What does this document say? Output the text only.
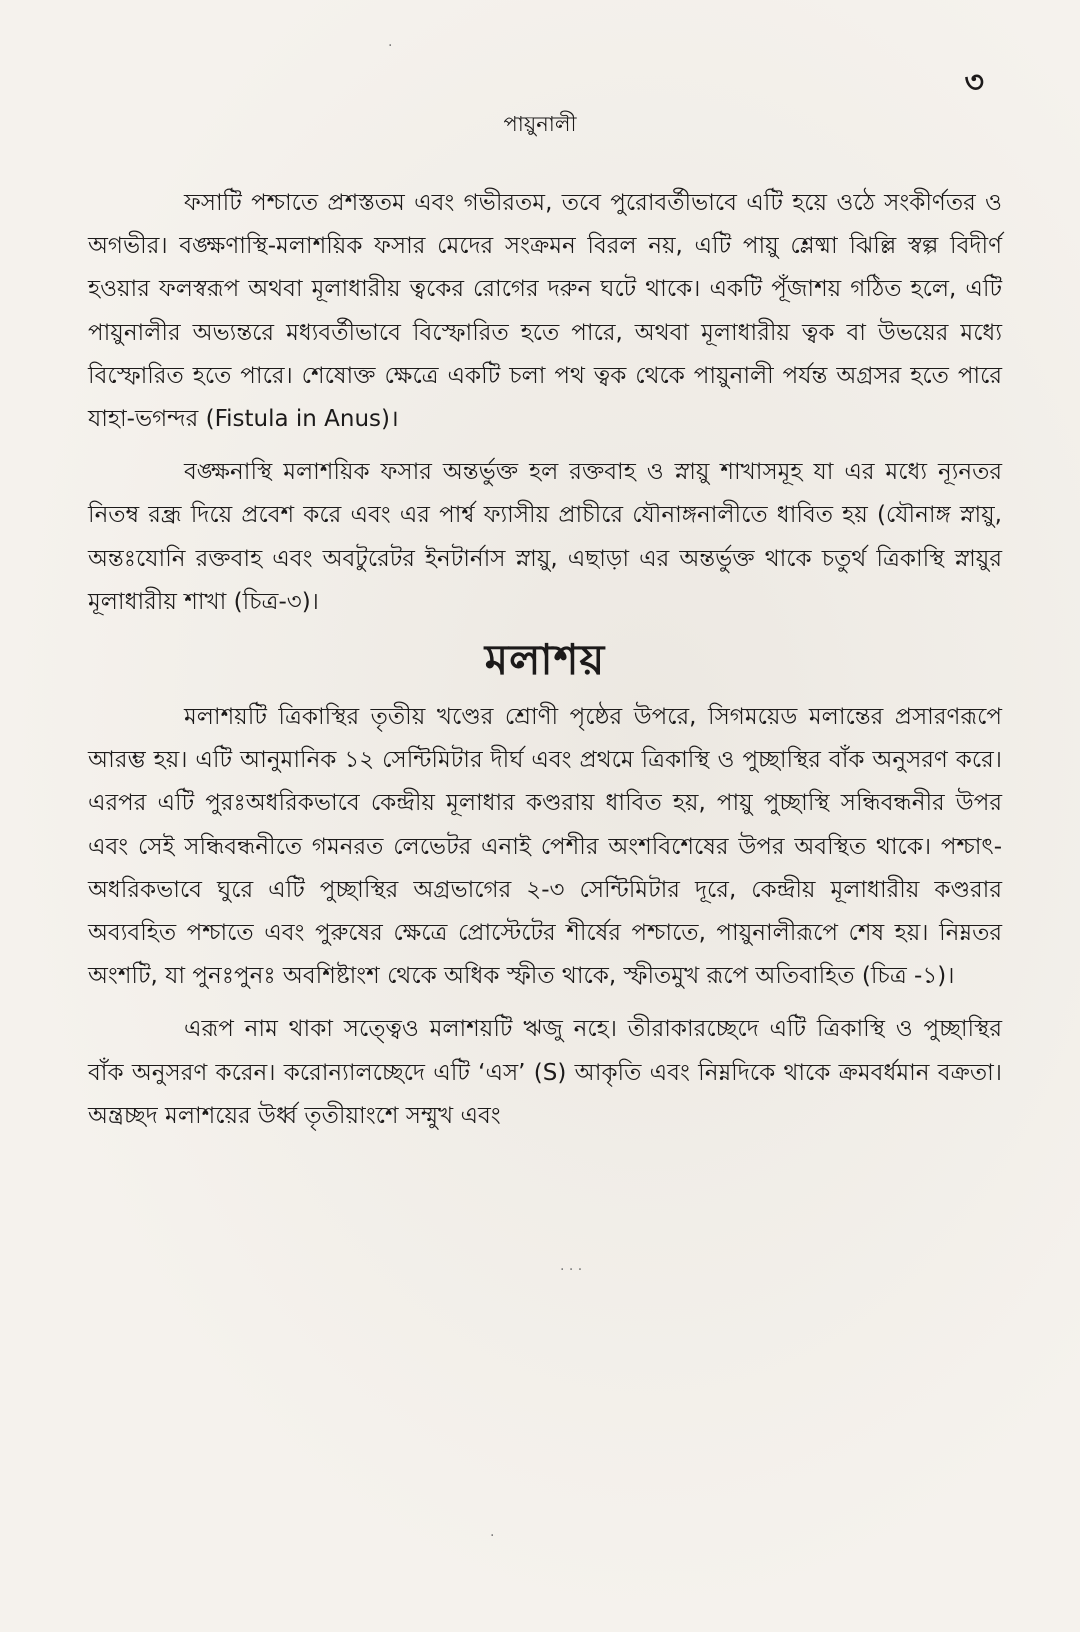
৩
পায়ুনালী

ফসাটি পশ্চাতে প্রশস্ততম এবং গভীরতম, তবে পুরোবর্তীভাবে এটি হয়ে ওঠে সংকীর্ণতর ও অগভীর। বঙ্ক্ষণাস্থি-মলাশয়িক ফসার মেদের সংক্রমন বিরল নয়, এটি পায়ু শ্লেষ্মা ঝিল্লি স্বল্প বিদীর্ণ হওয়ার ফলস্বরূপ অথবা মূলাধারীয় ত্বকের রোগের দরুন ঘটে থাকে। একটি পূঁজাশয় গঠিত হলে, এটি পায়ুনালীর অভ্যন্তরে মধ্যবর্তীভাবে বিস্ফোরিত হতে পারে, অথবা মূলাধারীয় ত্বক বা উভয়ের মধ্যে বিস্ফোরিত হতে পারে। শেষোক্ত ক্ষেত্রে একটি চলা পথ ত্বক থেকে পায়ুনালী পর্যন্ত অগ্রসর হতে পারে যাহা-ভগন্দর (Fistula in Anus)।

বঙ্ক্ষনাস্থি মলাশয়িক ফসার অন্তর্ভুক্ত হল রক্তবাহ ও স্নায়ু শাখাসমূহ যা এর মধ্যে ন্যূনতর নিতম্ব রন্ধ্র দিয়ে প্রবেশ করে এবং এর পার্শ্ব ফ্যাসীয় প্রাচীরে যৌনাঙ্গনালীতে ধাবিত হয় (যৌনাঙ্গ স্নায়ু, অন্তঃযোনি রক্তবাহ এবং অবটুরেটর ইনটার্নাস স্নায়ু, এছাড়া এর অন্তর্ভুক্ত থাকে চতুর্থ ত্রিকাস্থি স্নায়ুর মূলাধারীয় শাখা (চিত্র-৩)।

মলাশয়

মলাশয়টি ত্রিকাস্থির তৃতীয় খণ্ডের শ্রোণী পৃষ্ঠের উপরে, সিগময়েড মলান্তের প্রসারণরূপে আরম্ভ হয়। এটি আনুমানিক ১২ সেন্টিমিটার দীর্ঘ এবং প্রথমে ত্রিকাস্থি ও পুচ্ছাস্থির বাঁক অনুসরণ করে। এরপর এটি পুরঃঅধরিকভাবে কেন্দ্রীয় মূলাধার কণ্ডরায় ধাবিত হয়, পায়ু পুচ্ছাস্থি সন্ধিবন্ধনীর উপর এবং সেই সন্ধিবন্ধনীতে গমনরত লেভেটর এনাই পেশীর অংশবিশেষের উপর অবস্থিত থাকে। পশ্চাৎ-অধরিকভাবে ঘুরে এটি পুচ্ছাস্থির অগ্রভাগের ২-৩ সেন্টিমিটার দূরে, কেন্দ্রীয় মূলাধারীয় কণ্ডরার অব্যবহিত পশ্চাতে এবং পুরুষের ক্ষেত্রে প্রোস্টেটের শীর্ষের পশ্চাতে, পায়ুনালীরূপে শেষ হয়। নিম্নতর অংশটি, যা পুনঃপুনঃ অবশিষ্টাংশ থেকে অধিক স্ফীত থাকে, স্ফীতমুখ রূপে অতিবাহিত (চিত্র -১)।

এরূপ নাম থাকা সত্ত্বেও মলাশয়টি ঋজু নহে। তীরাকারচ্ছেদে এটি ত্রিকাস্থি ও পুচ্ছাস্থির বাঁক অনুসরণ করেন। করোন্যালচ্ছেদে এটি ‘এস’ (S) আকৃতি এবং নিম্নদিকে থাকে ক্রমবর্ধমান বক্রতা। অন্ত্রচ্ছদ মলাশয়ের উর্ধ্ব তৃতীয়াংশে সম্মুখ এবং

·
· · ·
·
